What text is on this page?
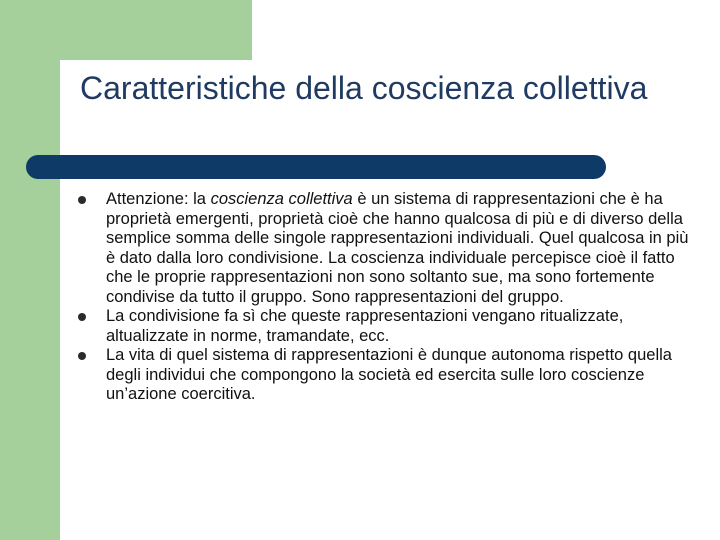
Caratteristiche della coscienza collettiva
Attenzione: la coscienza collettiva è un sistema di rappresentazioni che è ha proprietà emergenti, proprietà cioè che hanno qualcosa di più e di diverso della semplice somma delle singole rappresentazioni individuali. Quel qualcosa in più è dato dalla loro condivisione. La coscienza individuale percepisce cioè il fatto che le proprie rappresentazioni non sono soltanto sue, ma sono fortemente condivise da tutto il gruppo. Sono rappresentazioni del gruppo.
La condivisione fa sì che queste rappresentazioni vengano ritualizzate, altualizzate in norme, tramandate, ecc.
La vita di quel sistema di rappresentazioni è dunque autonoma rispetto quella degli individui che compongono la società ed esercita sulle loro coscienze un’azione coercitiva.
